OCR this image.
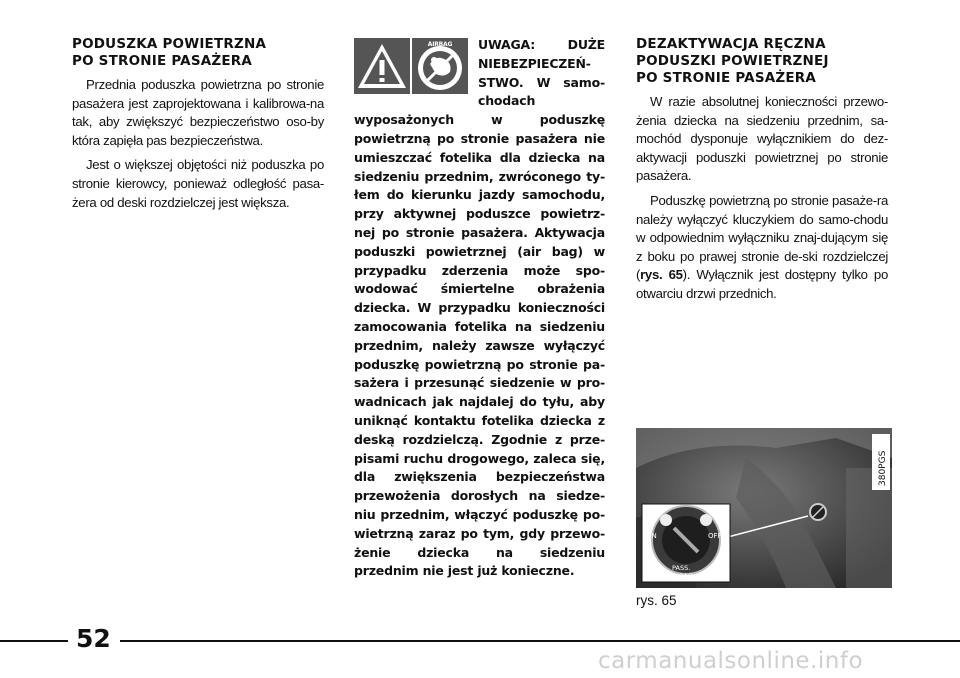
PODUSZKA POWIETRZNA
PO STRONIE PASAŻERA

Przednia poduszka powietrzna po stronie pasażera jest zaprojektowana i kalibrowa-na tak, aby zwiększyć bezpieczeństwo oso-by która zapięła pas bezpieczeństwa.

Jest o większej objętości niż poduszka po stronie kierowcy, ponieważ odległość pasa-żera od deski rozdzielczej jest większa.

AIRBAG UWAGA: DUŻE NIEBEZPIECZEŃ-STWO. W samo-chodach wyposażonych w poduszkę powietrzną po stronie pasażera nie umieszczać fotelika dla dziecka na siedzeniu przednim, zwróconego ty-łem do kierunku jazdy samochodu, przy aktywnej poduszce powietrz-nej po stronie pasażera. Aktywacja poduszki powietrznej (air bag) w przypadku zderzenia może spo-wodować śmiertelne obrażenia dziecka. W przypadku konieczności zamocowania fotelika na siedzeniu przednim, należy zawsze wyłączyć poduszkę powietrzną po stronie pa-sażera i przesunąć siedzenie w pro-wadnicach jak najdalej do tyłu, aby uniknąć kontaktu fotelika dziecka z deską rozdzielczą. Zgodnie z prze-pisami ruchu drogowego, zaleca się, dla zwiększenia bezpieczeństwa przewożenia dorosłych na siedze-niu przednim, włączyć poduszkę po-wietrzną zaraz po tym, gdy przewo-żenie dziecka na siedzeniu przednim nie jest już konieczne.
DEZAKTYWACJA RĘCZNA
PODUSZKI POWIETRZNEJ
PO STRONIE PASAŻERA

W razie absolutnej konieczności przewo-żenia dziecka na siedzeniu przednim, sa-mochód dysponuje wyłącznikiem do dez-aktywacji poduszki powietrznej po stronie pasażera.

Poduszkę powietrzną po stronie pasaże-ra należy wyłączyć kluczykiem do samo-chodu w odpowiednim wyłączniku znaj-dującym się z boku po prawej stronie de-ski rozdzielczej (rys. 65). Wyłącznik jest dostępny tylko po otwarciu drzwi przednich.

ON	OFF
PASS.
AIR BAG
380PGS
rys. 65
52
carmanualsonline.info
